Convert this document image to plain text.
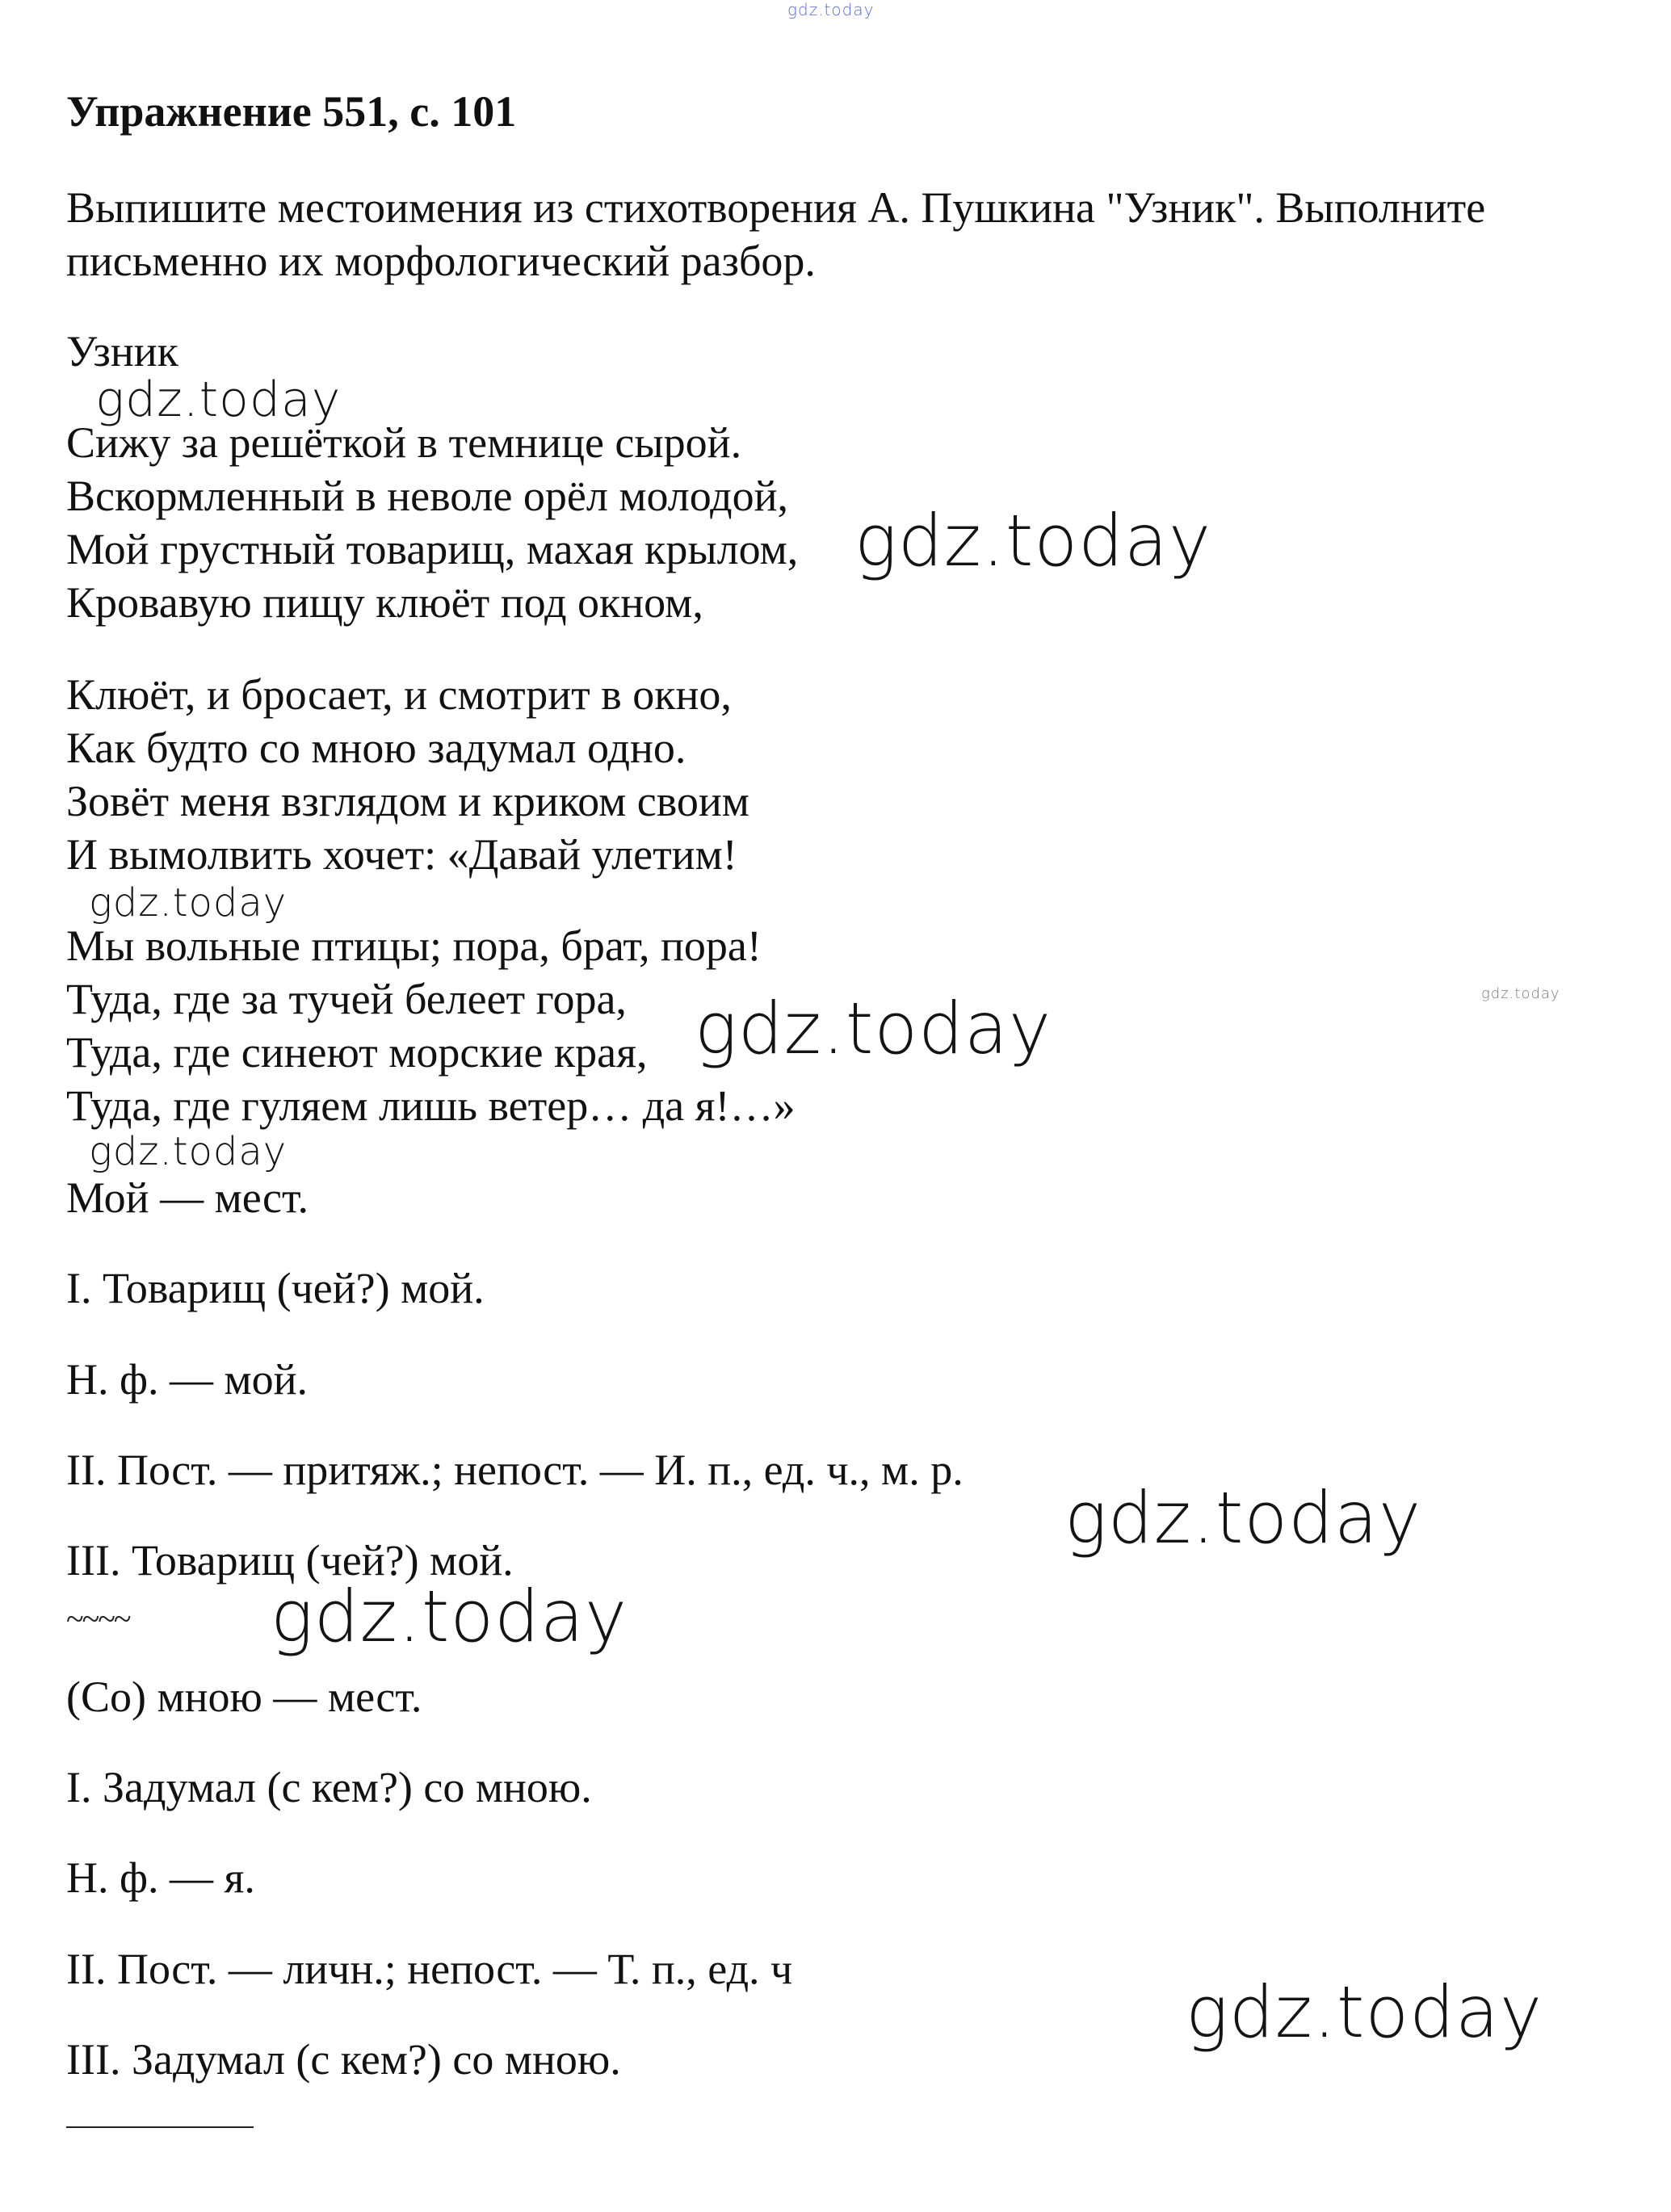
Упражнение 551, с. 101
Выпишите местоимения из стихотворения А. Пушкина "Узник". Выполните
письменно их морфологический разбор.
Узник
Сижу за решёткой в темнице сырой.
Вскормленный в неволе орёл молодой,
Мой грустный товарищ, махая крылом,
Кровавую пищу клюёт под окном,
Клюёт, и бросает, и смотрит в окно,
Как будто со мною задумал одно.
Зовёт меня взглядом и криком своим
И вымолвить хочет: «Давай улетим!
Мы вольные птицы; пора, брат, пора!
Туда, где за тучей белеет гора,
Туда, где синеют морские края,
Туда, где гуляем лишь ветер… да я!…»
Мой — мест.
I. Товарищ (чей?) мой.
Н. ф. — мой.
II. Пост. — притяж.; непост. — И. п., ед. ч., м. р.
III. Товарищ (чей?) мой.
~~~~
(Со) мною — мест.
I. Задумал (с кем?) со мною.
Н. ф. — я.
II. Пост. — личн.; непост. — Т. п., ед. ч
III. Задумал (с кем?) со мною.
gdz.today
gdz.today
gdz.today
gdz.today
gdz.today
gdz.today
gdz.today
gdz.today
gdz.today
gdz.today
